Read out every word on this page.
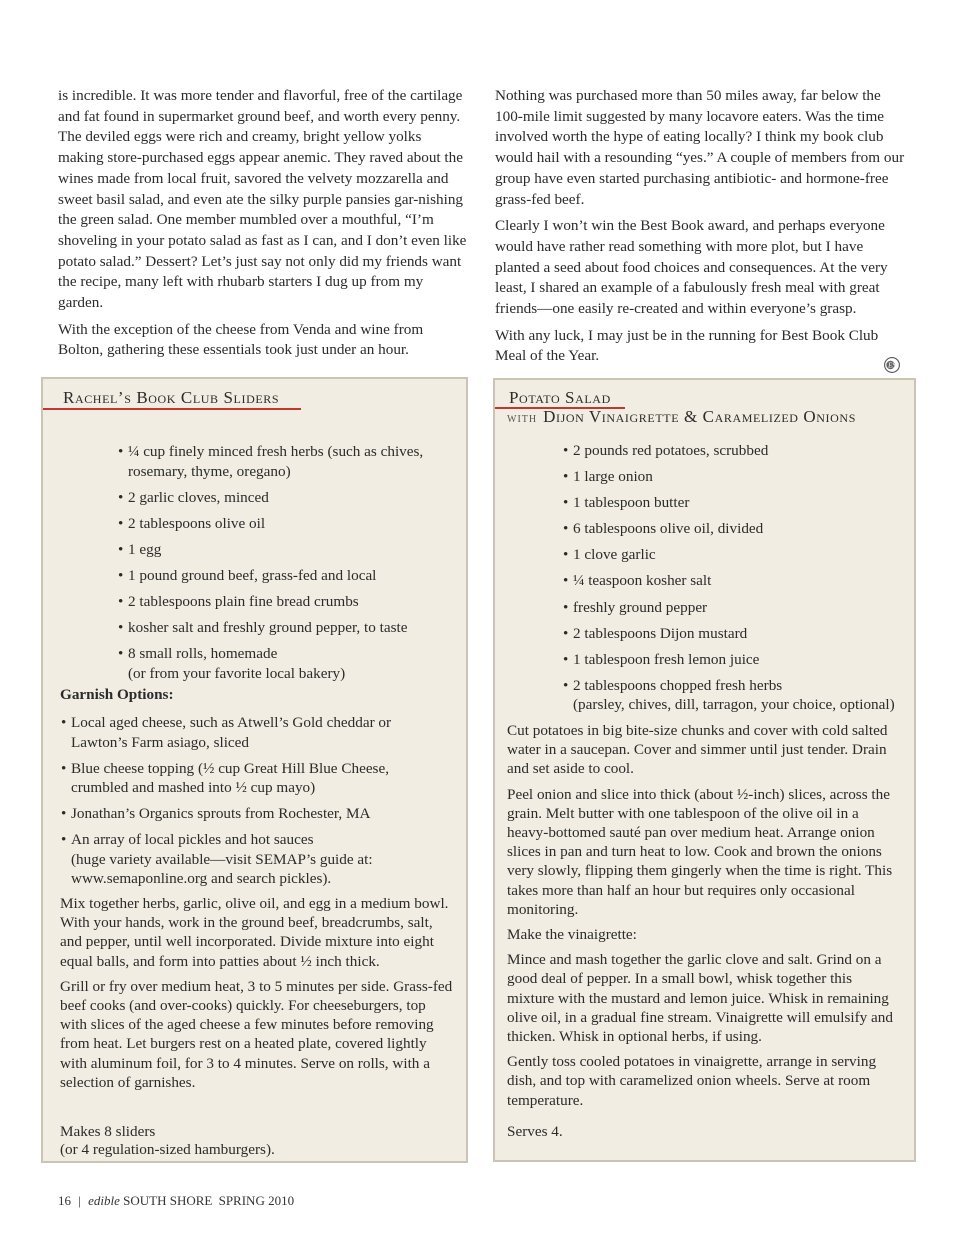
is incredible. It was more tender and flavorful, free of the cartilage and fat found in supermarket ground beef, and worth every penny. The deviled eggs were rich and creamy, bright yellow yolks making store-purchased eggs appear anemic. They raved about the wines made from local fruit, savored the velvety mozzarella and sweet basil salad, and even ate the silky purple pansies gar-nishing the green salad. One member mumbled over a mouthful, “I’m shoveling in your potato salad as fast as I can, and I don’t even like potato salad.” Dessert? Let’s just say not only did my friends want the recipe, many left with rhubarb starters I dug up from my garden.

With the exception of the cheese from Venda and wine from Bolton, gathering these essentials took just under an hour.

Nothing was purchased more than 50 miles away, far below the 100-mile limit suggested by many locavore eaters. Was the time involved worth the hype of eating locally? I think my book club would hail with a resounding “yes.” A couple of members from our group have even started purchasing antibiotic- and hormone-free grass-fed beef.

Clearly I won’t win the Best Book award, and perhaps everyone would have rather read something with more plot, but I have planted a seed about food choices and consequences. At the very least, I shared an example of a fabulously fresh meal with great friends—one easily re-created and within everyone’s grasp.

With any luck, I may just be in the running for Best Book Club Meal of the Year.

ES
Rachel’s Book Club Sliders
• ¼ cup finely minced fresh herbs (such as chives,
rosemary, thyme, oregano)
• 2 garlic cloves, minced
• 2 tablespoons olive oil
• 1 egg
• 1 pound ground beef, grass-fed and local
• 2 tablespoons plain fine bread crumbs
• kosher salt and freshly ground pepper, to taste
• 8 small rolls, homemade
(or from your favorite local bakery)
Garnish Options:
• Local aged cheese, such as Atwell’s Gold cheddar or
Lawton’s Farm asiago, sliced
• Blue cheese topping (½ cup Great Hill Blue Cheese,
crumbled and mashed into ½ cup mayo)
• Jonathan’s Organics sprouts from Rochester, MA
• An array of local pickles and hot sauces
(huge variety available—visit SEMAP’s guide at:
www.semaponline.org and search pickles).

Mix together herbs, garlic, olive oil, and egg in a medium bowl. With your hands, work in the ground beef, breadcrumbs, salt, and pepper, until well incorporated. Divide mixture into eight equal balls, and form into patties about ½ inch thick.

Grill or fry over medium heat, 3 to 5 minutes per side. Grass-fed beef cooks (and over-cooks) quickly. For cheeseburgers, top with slices of the aged cheese a few minutes before removing from heat. Let burgers rest on a heated plate, covered lightly with aluminum foil, for 3 to 4 minutes. Serve on rolls, with a selection of garnishes.

Makes 8 sliders
(or 4 regulation-sized hamburgers).
Potato Salad
WITH Dijon Vinaigrette & Caramelized Onions
• 2 pounds red potatoes, scrubbed
• 1 large onion
• 1 tablespoon butter
• 6 tablespoons olive oil, divided
• 1 clove garlic
• ¼ teaspoon kosher salt
• freshly ground pepper
• 2 tablespoons Dijon mustard
• 1 tablespoon fresh lemon juice
• 2 tablespoons chopped fresh herbs
(parsley, chives, dill, tarragon, your choice, optional)

Cut potatoes in big bite-size chunks and cover with cold salted water in a saucepan. Cover and simmer until just tender. Drain and set aside to cool.

Peel onion and slice into thick (about ½-inch) slices, across the grain. Melt butter with one tablespoon of the olive oil in a heavy-bottomed sauté pan over medium heat. Arrange onion slices in pan and turn heat to low. Cook and brown the onions very slowly, flipping them gingerly when the time is right. This takes more than half an hour but requires only occasional monitoring.

Make the vinaigrette:

Mince and mash together the garlic clove and salt. Grind on a good deal of pepper. In a small bowl, whisk together this mixture with the mustard and lemon juice. Whisk in remaining olive oil, in a gradual fine stream. Vinaigrette will emulsify and thicken. Whisk in optional herbs, if using.

Gently toss cooled potatoes in vinaigrette, arrange in serving dish, and top with caramelized onion wheels. Serve at room temperature.

Serves 4.
16 | edible SOUTH SHORE SPRING 2010
